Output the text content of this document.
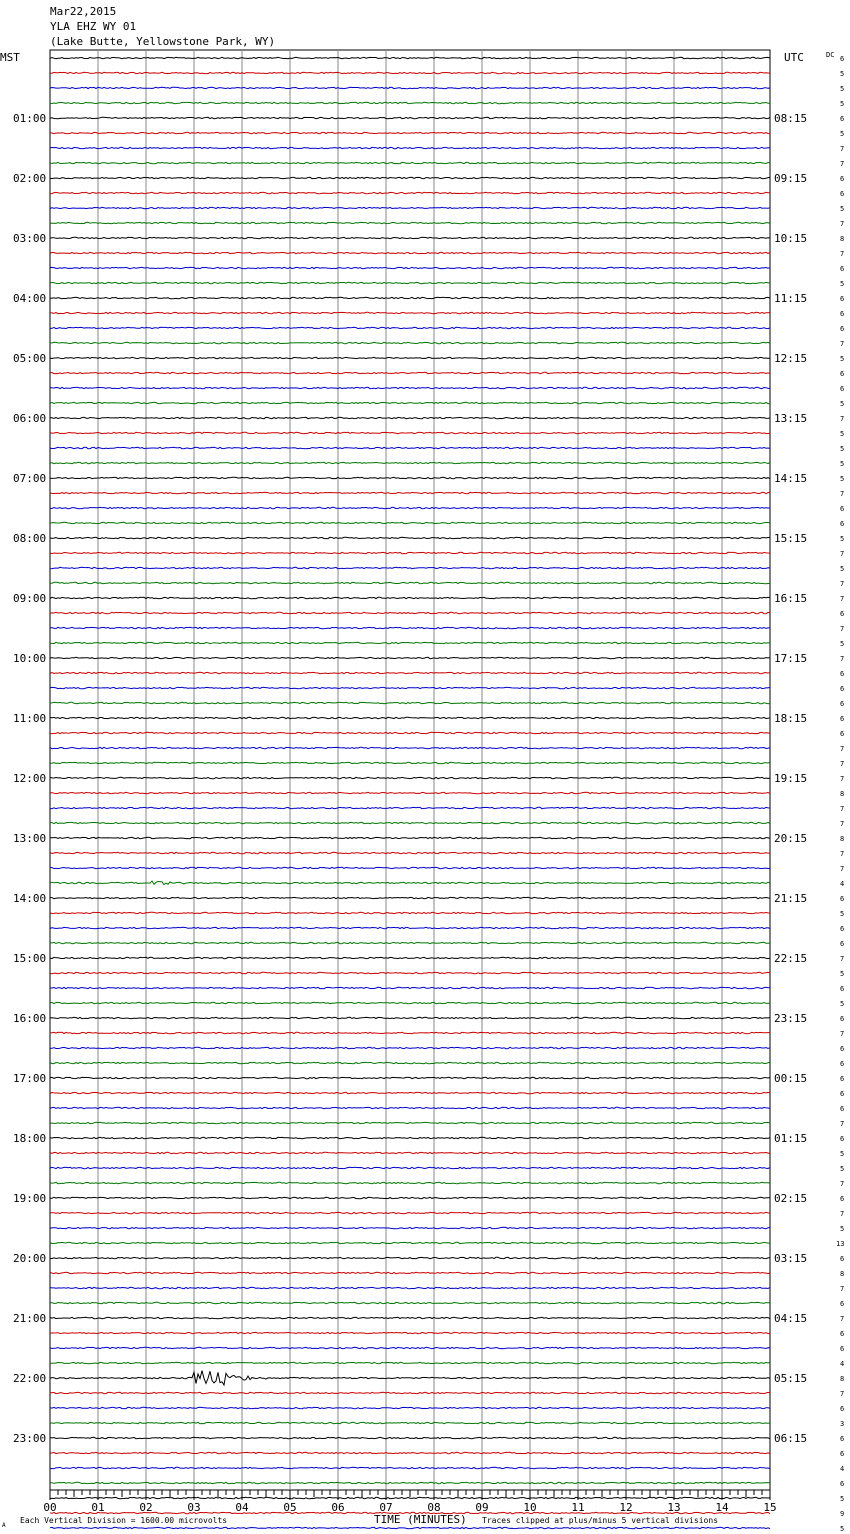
Mar22,2015
YLA EHZ WY 01
(Lake Butte, Yellowstone Park, WY)
MST	UTC	DC
01:00
02:00
03:00
04:00
05:00
06:00
07:00
08:00
09:00
10:00
11:00
12:00
13:00
14:00
15:00
16:00
17:00
18:00
19:00
20:00
21:00
22:00
23:00
08:15
09:15
10:15
11:15
12:15
13:15
14:15
15:15
16:15
17:15
18:15
19:15
20:15
21:15
22:15
23:15
00:15
01:15
02:15
03:15
04:15
05:15
06:15
6
5
5
5
6
5
7
7
6
6
5
7
8
7
6
5
6
6
6
7
5
6
6
5
7
5
5
5
5
7
6
6
5
7
5
7
7
6
7
5
7
6
6
6
6
6
7
7
7
8
7
7
8
7
7
4
6
5
6
6
7
5
6
5
6
7
6
6
6
6
6
7
6
5
5
7
6
7
5
13
6
8
7
6
7
6
6
4
8
7
6
3
6
6
4
6
5
9
5
00	01	02	03	04	05	06	07	08	09	10	11	12	13	14	15
Each Vertical Division = 1600.00 microvolts	TIME (MINUTES) Traces clipped at plus/minus 5 vertical divisions
A
